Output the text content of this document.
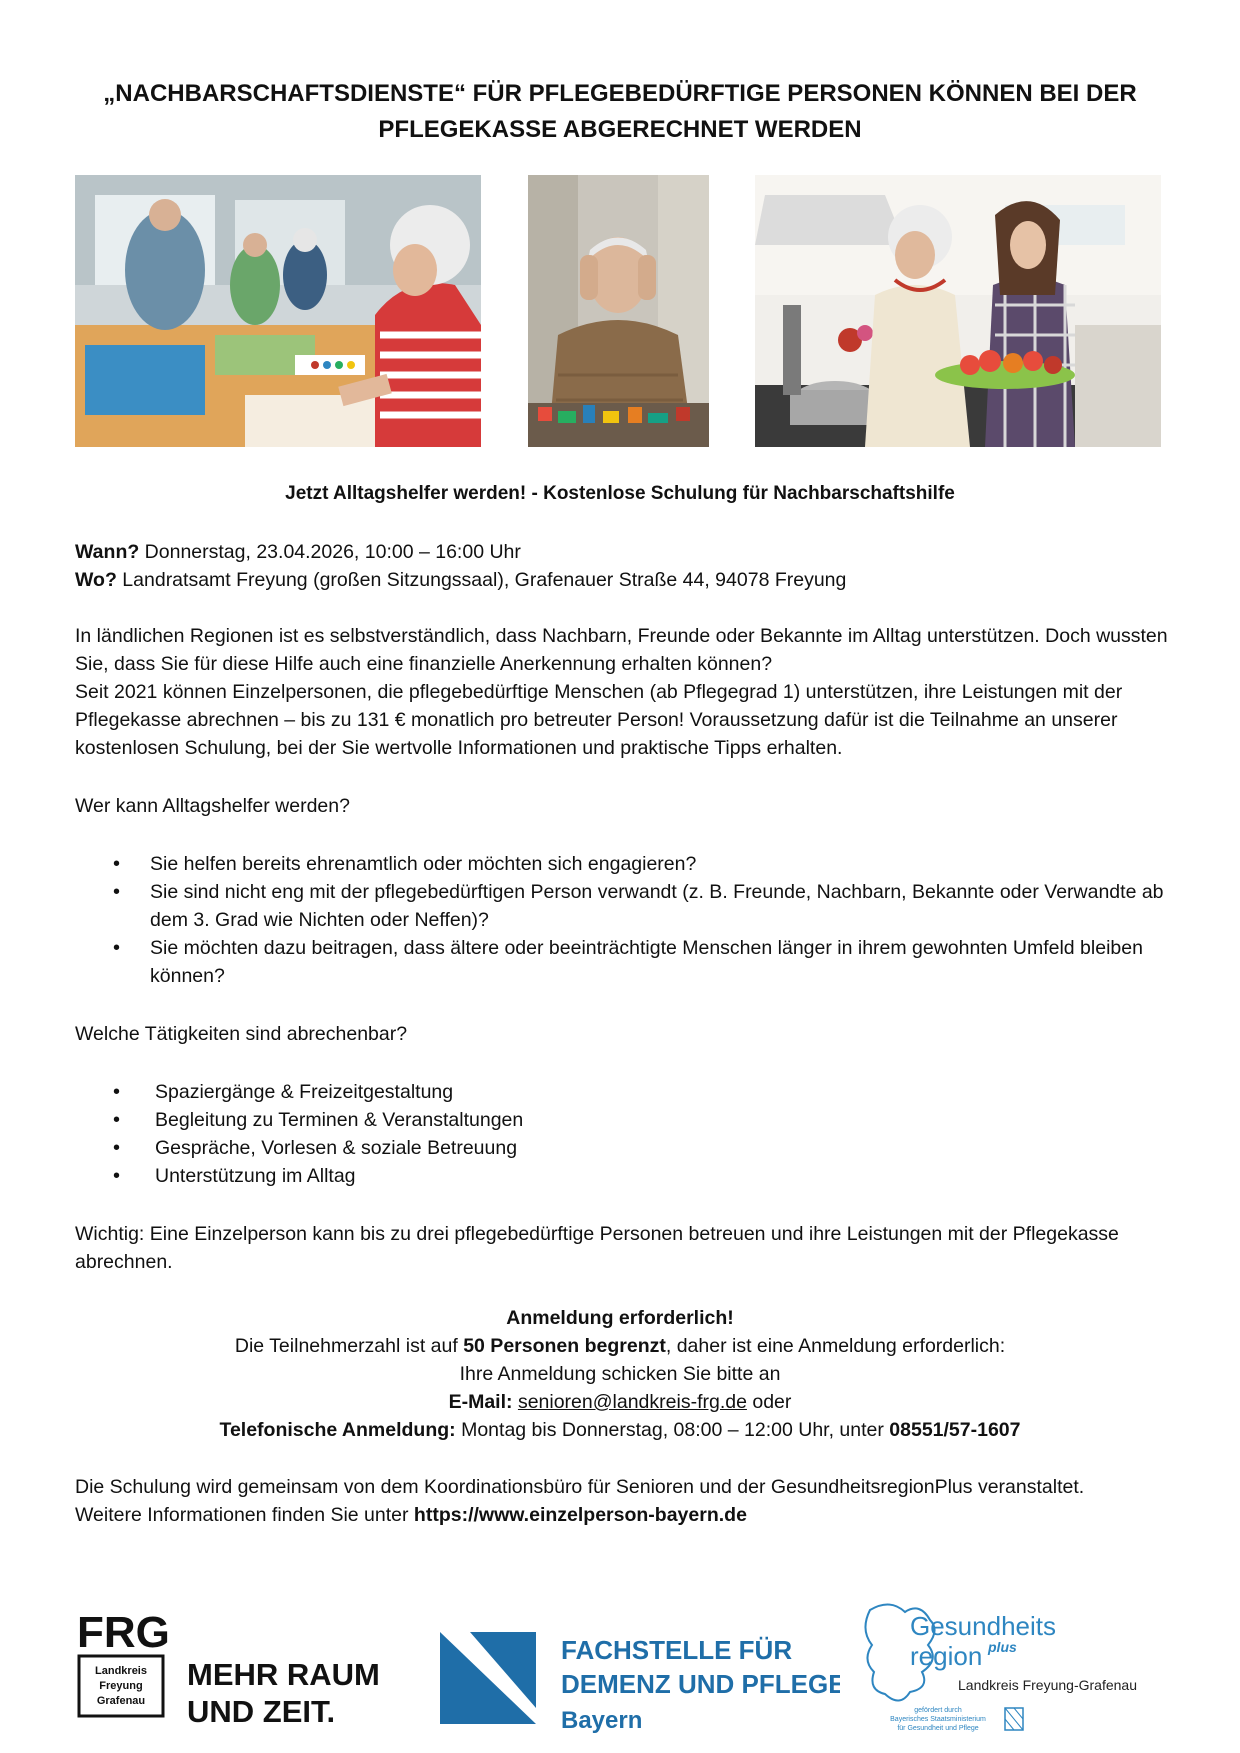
„NACHBARSCHAFTSDIENSTE“ FÜR PFLEGEBEDÜRFTIGE PERSONEN KÖNNEN BEI DER
PFLEGEKASSE ABGERECHNET WERDEN
Jetzt Alltagshelfer werden! - Kostenlose Schulung für Nachbarschaftshilfe

Wann? Donnerstag, 23.04.2026, 10:00 – 16:00 Uhr

Wo? Landratsamt Freyung (großen Sitzungssaal), Grafenauer Straße 44, 94078 Freyung

In ländlichen Regionen ist es selbstverständlich, dass Nachbarn, Freunde oder Bekannte im Alltag unterstützen. Doch wussten Sie, dass Sie für diese Hilfe auch eine finanzielle Anerkennung erhalten können?

Seit 2021 können Einzelpersonen, die pflegebedürftige Menschen (ab Pflegegrad 1) unterstützen, ihre Leistungen mit der Pflegekasse abrechnen – bis zu 131 € monatlich pro betreuter Person! Voraussetzung dafür ist die Teilnahme an unserer kostenlosen Schulung, bei der Sie wertvolle Informationen und praktische Tipps erhalten.

Wer kann Alltagshelfer werden?
• Sie helfen bereits ehrenamtlich oder möchten sich engagieren?
• Sie sind nicht eng mit der pflegebedürftigen Person verwandt (z. B. Freunde, Nachbarn, Bekannte oder Verwandte ab dem 3. Grad wie Nichten oder Neffen)?
• Sie möchten dazu beitragen, dass ältere oder beeinträchtigte Menschen länger in ihrem gewohnten Umfeld bleiben können?
Welche Tätigkeiten sind abrechenbar?
• Spaziergänge & Freizeitgestaltung
• Begleitung zu Terminen & Veranstaltungen
• Gespräche, Vorlesen & soziale Betreuung
• Unterstützung im Alltag
Wichtig: Eine Einzelperson kann bis zu drei pflegebedürftige Personen betreuen und ihre Leistungen mit der Pflegekasse abrechnen.

Anmeldung erforderlich!

Die Teilnehmerzahl ist auf 50 Personen begrenzt, daher ist eine Anmeldung erforderlich:

Ihre Anmeldung schicken Sie bitte an

E-Mail: senioren@landkreis-frg.de oder

Telefonische Anmeldung: Montag bis Donnerstag, 08:00 – 12:00 Uhr, unter 08551/57-1607

Die Schulung wird gemeinsam von dem Koordinationsbüro für Senioren und der GesundheitsregionPlus veranstaltet.

Weitere Informationen finden Sie unter https://www.einzelperson-bayern.de

FRG
Landkreis
Freyung
Grafenau
MEHR RAUM
UND ZEIT.
FACHSTELLE FÜR
DEMENZ UND PFLEGE
Bayern
Gesundheits
region plus
Landkreis Freyung-Grafenau
gefördert durch
Bayerisches Staatsministerium
für Gesundheit und Pflege
